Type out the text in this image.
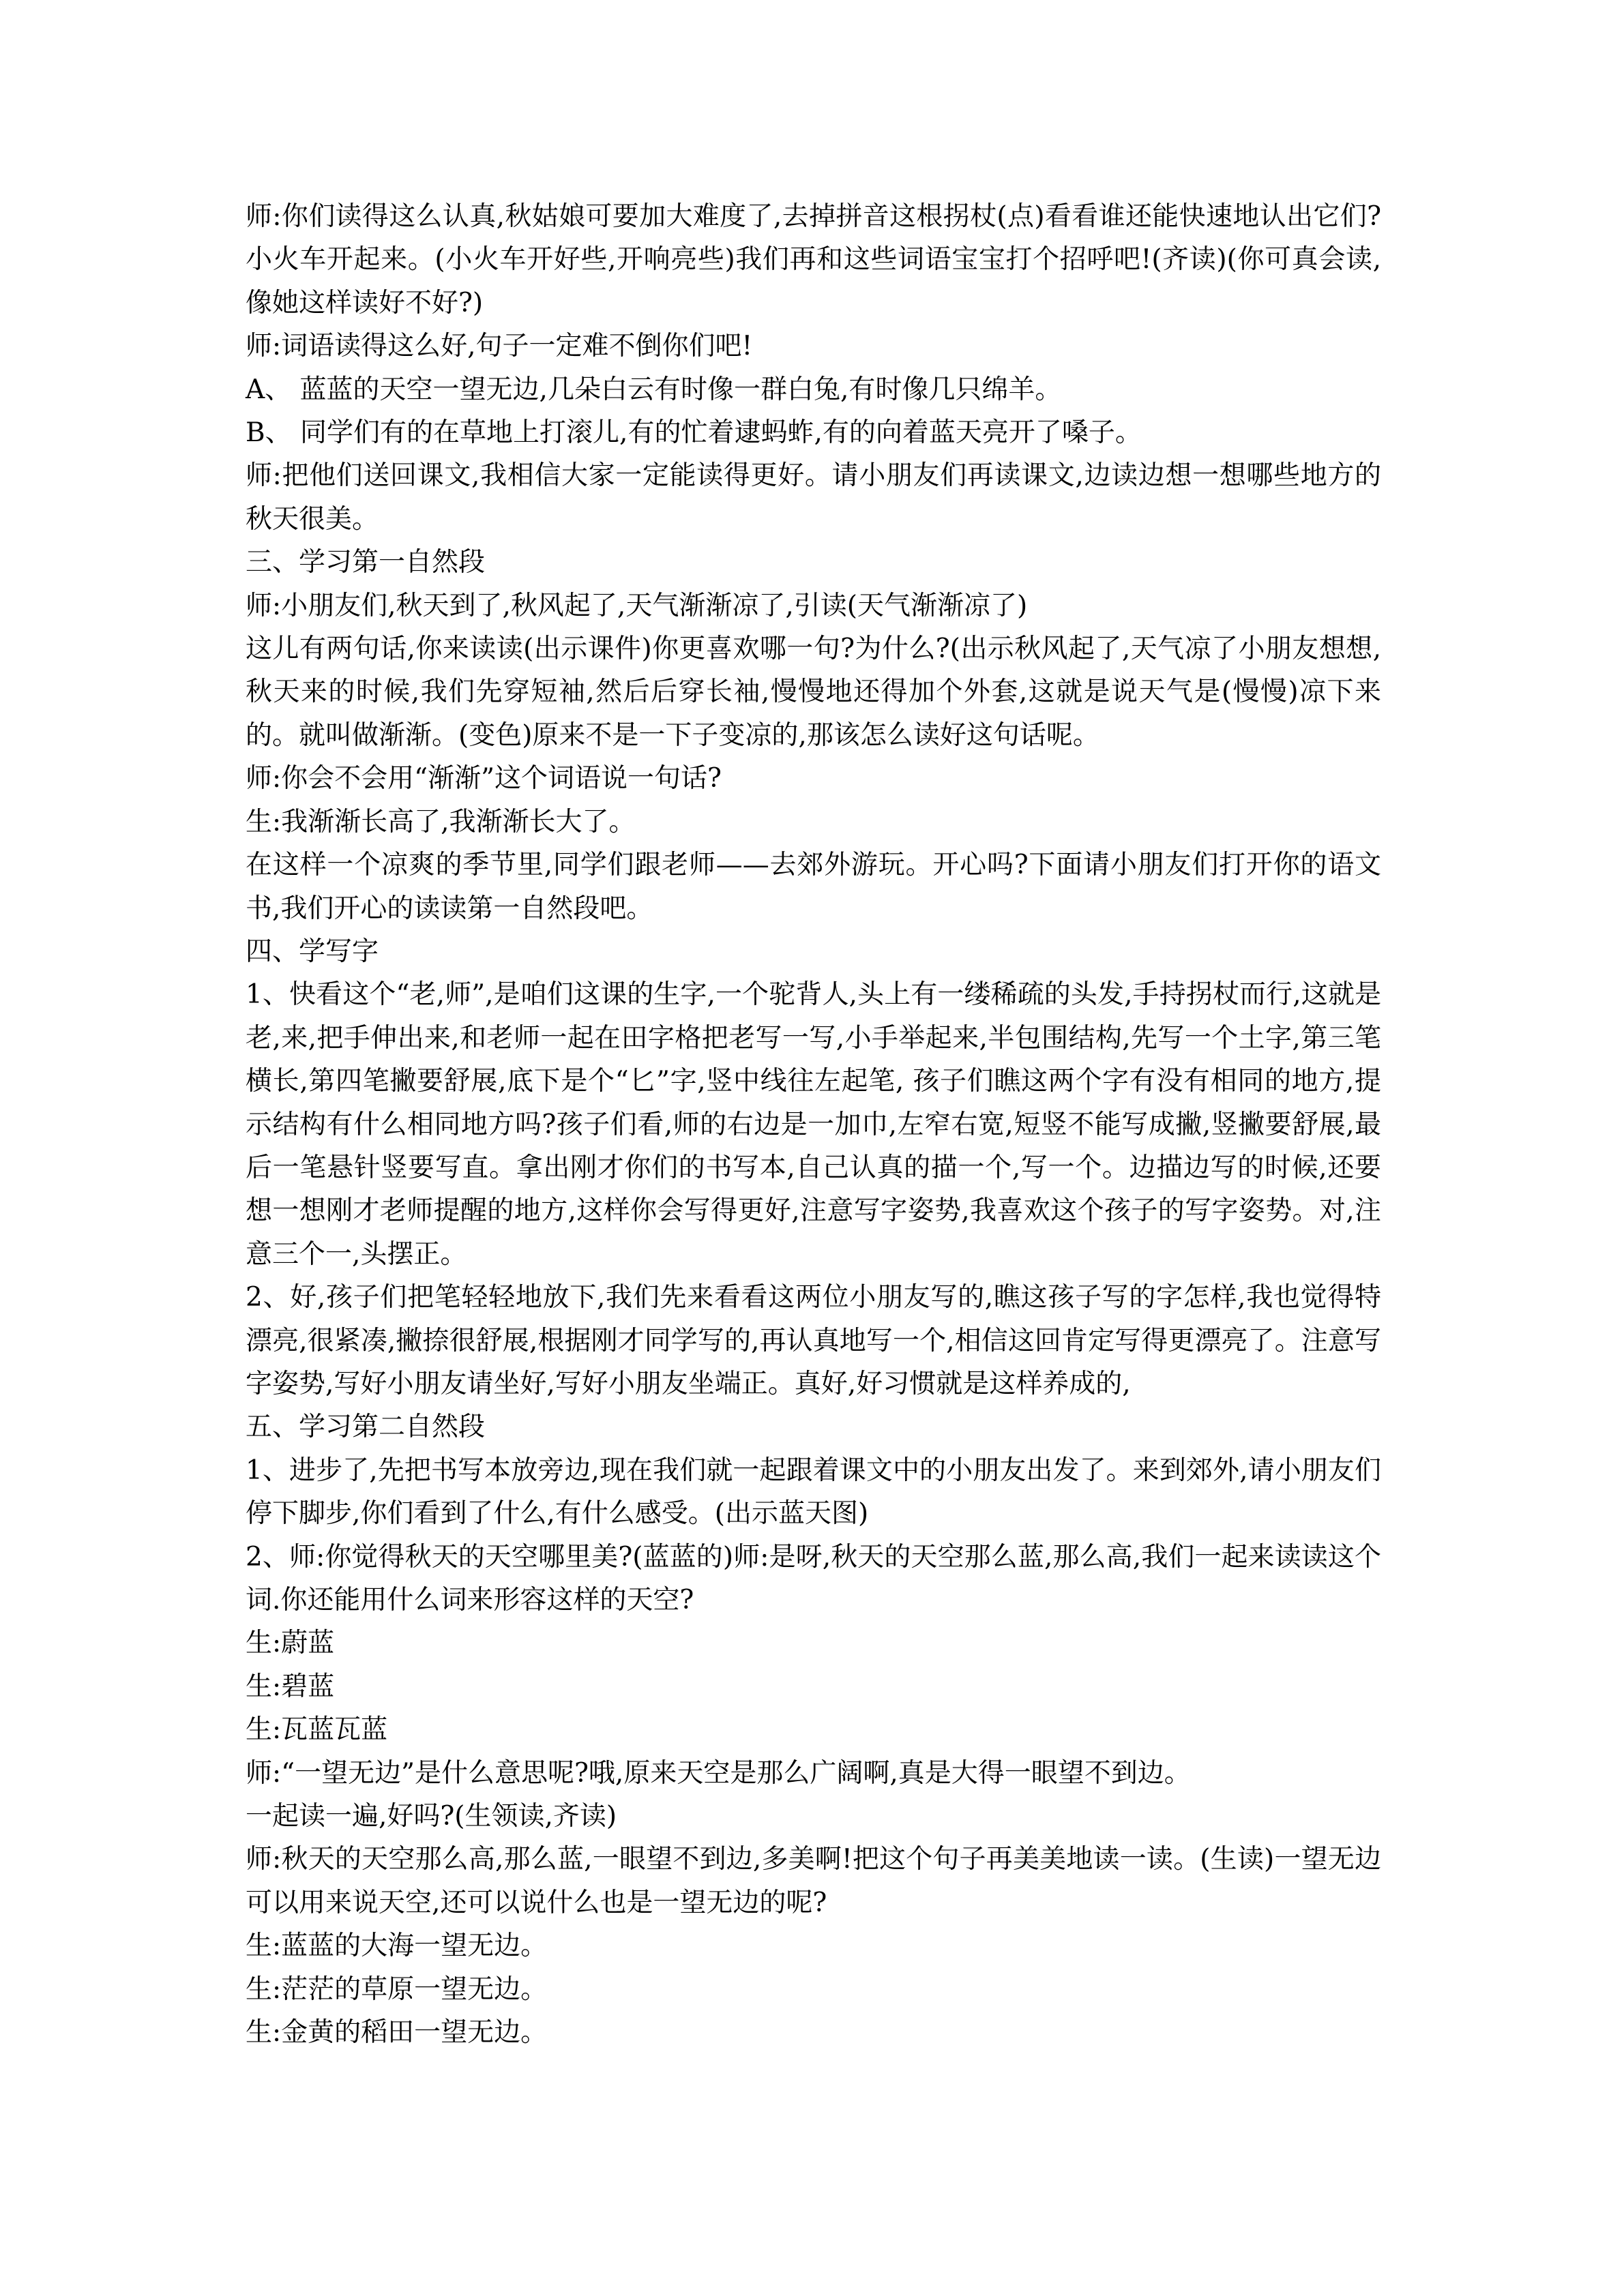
师:你们读得这么认真,秋姑娘可要加大难度了,去掉拼音这根拐杖(点)看看谁还能快速地认出它们?小火车开起来。(小火车开好些,开响亮些)我们再和这些词语宝宝打个招呼吧!(齐读)(你可真会读,像她这样读好不好?)

师:词语读得这么好,句子一定难不倒你们吧!

A、 蓝蓝的天空一望无边,几朵白云有时像一群白兔,有时像几只绵羊。

B、 同学们有的在草地上打滚儿,有的忙着逮蚂蚱,有的向着蓝天亮开了嗓子。

师:把他们送回课文,我相信大家一定能读得更好。请小朋友们再读课文,边读边想一想哪些地方的秋天很美。

三、学习第一自然段

师:小朋友们,秋天到了,秋风起了,天气渐渐凉了,引读(天气渐渐凉了)

这儿有两句话,你来读读(出示课件)你更喜欢哪一句?为什么?(出示秋风起了,天气凉了小朋友想想,秋天来的时候,我们先穿短袖,然后后穿长袖,慢慢地还得加个外套,这就是说天气是(慢慢)凉下来的。就叫做渐渐。(变色)原来不是一下子变凉的,那该怎么读好这句话呢。

师:你会不会用“渐渐”这个词语说一句话?

生:我渐渐长高了,我渐渐长大了。

在这样一个凉爽的季节里,同学们跟老师——去郊外游玩。开心吗?下面请小朋友们打开你的语文书,我们开心的读读第一自然段吧。

四、学写字

1、快看这个“老,师”,是咱们这课的生字,一个驼背人,头上有一缕稀疏的头发,手持拐杖而行,这就是老,来,把手伸出来,和老师一起在田字格把老写一写,小手举起来,半包围结构,先写一个土字,第三笔横长,第四笔撇要舒展,底下是个“匕”字,竖中线往左起笔, 孩子们瞧这两个字有没有相同的地方,提示结构有什么相同地方吗?孩子们看,师的右边是一加巾,左窄右宽,短竖不能写成撇,竖撇要舒展,最后一笔悬针竖要写直。拿出刚才你们的书写本,自己认真的描一个,写一个。边描边写的时候,还要想一想刚才老师提醒的地方,这样你会写得更好,注意写字姿势,我喜欢这个孩子的写字姿势。对,注意三个一,头摆正。

2、好,孩子们把笔轻轻地放下,我们先来看看这两位小朋友写的,瞧这孩子写的字怎样,我也觉得特漂亮,很紧凑,撇捺很舒展,根据刚才同学写的,再认真地写一个,相信这回肯定写得更漂亮了。注意写字姿势,写好小朋友请坐好,写好小朋友坐端正。真好,好习惯就是这样养成的,

五、学习第二自然段

1、进步了,先把书写本放旁边,现在我们就一起跟着课文中的小朋友出发了。来到郊外,请小朋友们停下脚步,你们看到了什么,有什么感受。(出示蓝天图)

2、师:你觉得秋天的天空哪里美?(蓝蓝的)师:是呀,秋天的天空那么蓝,那么高,我们一起来读读这个词.你还能用什么词来形容这样的天空?

生:蔚蓝

生:碧蓝

生:瓦蓝瓦蓝

师:“一望无边”是什么意思呢?哦,原来天空是那么广阔啊,真是大得一眼望不到边。

一起读一遍,好吗?(生领读,齐读)

师:秋天的天空那么高,那么蓝,一眼望不到边,多美啊!把这个句子再美美地读一读。(生读)一望无边可以用来说天空,还可以说什么也是一望无边的呢?

生:蓝蓝的大海一望无边。

生:茫茫的草原一望无边。

生:金黄的稻田一望无边。
